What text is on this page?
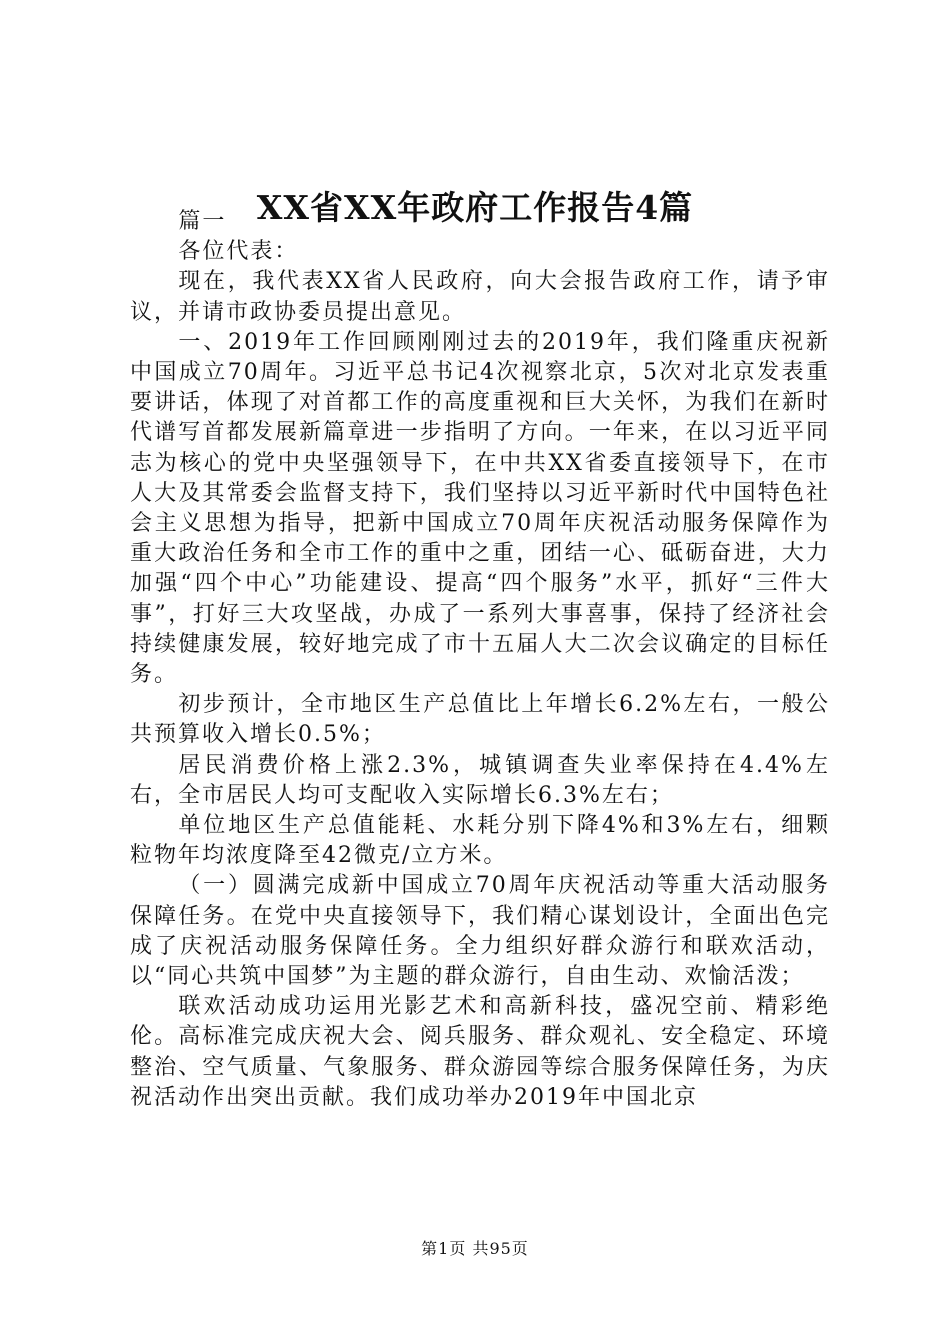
XX省XX年政府工作报告4篇

篇一

各位代表：

现在，我代表XX省人民政府，向大会报告政府工作，请予审议，并请市政协委员提出意见。

一、2019年工作回顾刚刚过去的2019年，我们隆重庆祝新中国成立70周年。习近平总书记4次视察北京，5次对北京发表重要讲话，体现了对首都工作的高度重视和巨大关怀，为我们在新时代谱写首都发展新篇章进一步指明了方向。一年来，在以习近平同志为核心的党中央坚强领导下，在中共XX省委直接领导下，在市人大及其常委会监督支持下，我们坚持以习近平新时代中国特色社会主义思想为指导，把新中国成立70周年庆祝活动服务保障作为重大政治任务和全市工作的重中之重，团结一心、砥砺奋进，大力加强“四个中心”功能建设、提高“四个服务”水平，抓好“三件大事”，打好三大攻坚战，办成了一系列大事喜事，保持了经济社会持续健康发展，较好地完成了市十五届人大二次会议确定的目标任务。

初步预计，全市地区生产总值比上年增长6.2%左右，一般公共预算收入增长0.5%；

居民消费价格上涨2.3%，城镇调查失业率保持在4.4%左右，全市居民人均可支配收入实际增长6.3%左右；

单位地区生产总值能耗、水耗分别下降4%和3%左右，细颗粒物年均浓度降至42微克/立方米。

（一）圆满完成新中国成立70周年庆祝活动等重大活动服务保障任务。在党中央直接领导下，我们精心谋划设计，全面出色完成了庆祝活动服务保障任务。全力组织好群众游行和联欢活动，以“同心共筑中国梦”为主题的群众游行，自由生动、欢愉活泼；

联欢活动成功运用光影艺术和高新科技，盛况空前、精彩绝伦。高标准完成庆祝大会、阅兵服务、群众观礼、安全稳定、环境整治、空气质量、气象服务、群众游园等综合服务保障任务，为庆祝活动作出突出贡献。我们成功举办2019年中国北京

第1页 共95页
